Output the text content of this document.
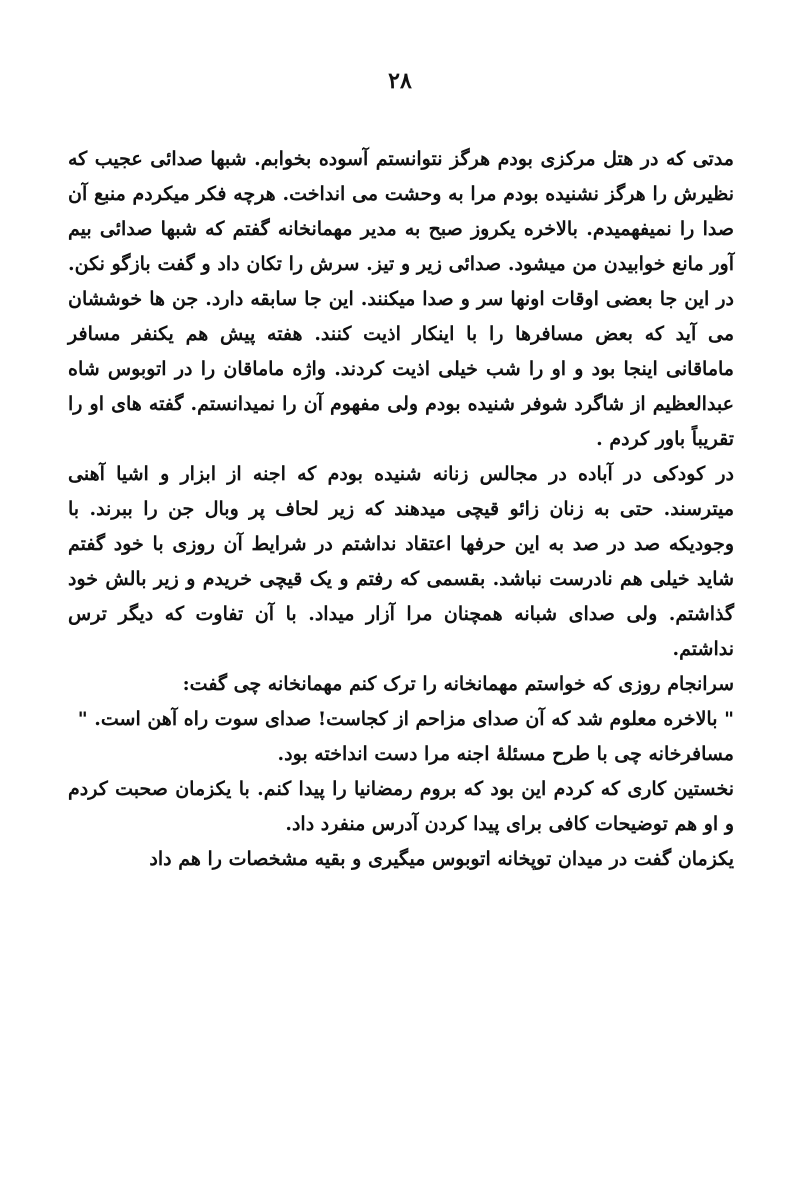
۲۸

مدتی که در هتل مرکزی بودم هرگز نتوانستم آسوده بخوابم. شبها صدائی عجیب که نظیرش را هرگز نشنیده بودم مرا به وحشت می انداخت. هرچه فکر میکردم منبع آن صدا را نمیفهمیدم. بالاخره یکروز صبح به مدیر مهمانخانه گفتم که شبها صدائی بیم آور مانع خوابیدن من میشود. صدائی زیر و تیز. سرش را تکان داد و گفت بازگو نکن. در این جا بعضی اوقات اونها سر و صدا میکنند. این جا سابقه دارد. جن ها خوششان می آید که بعض مسافرها را با اینکار اذیت کنند. هفته پیش هم یکنفر مسافر ماماقانی اینجا بود و او را شب خیلی اذیت کردند. واژه ماماقان را در اتوبوس شاه عبدالعظیم از شاگرد شوفر شنیده بودم ولی مفهوم آن را نمیدانستم. گفته های او را تقریباً باور کردم .

در کودکی در آباده در مجالس زنانه شنیده بودم که اجنه از ابزار و اشیا آهنی میترسند. حتی به زنان زائو قیچی میدهند که زیر لحاف پر وبال جن را ببرند. با وجودیکه صد در صد به این حرفها اعتقاد نداشتم در شرایط آن روزی با خود گفتم شاید خیلی هم نادرست نباشد. بقسمی که رفتم و یک قیچی خریدم و زیر بالش خود گذاشتم. ولی صدای شبانه همچنان مرا آزار میداد. با آن تفاوت که دیگر ترس نداشتم.

سرانجام روزی که خواستم مهمانخانه را ترک کنم مهمانخانه چی گفت:

" بالاخره معلوم شد که آن صدای مزاحم از کجاست! صدای سوت راه آهن است. "

مسافرخانه چی با طرح مسئلهٔ اجنه مرا دست انداخته بود.

نخستین کاری که کردم این بود که بروم رمضانیا را پیدا کنم. با یکزمان صحبت کردم و او هم توضیحات کافی برای پیدا کردن آدرس منفرد داد.

یکزمان گفت در میدان توپخانه اتوبوس میگیری و بقیه مشخصات را هم داد
